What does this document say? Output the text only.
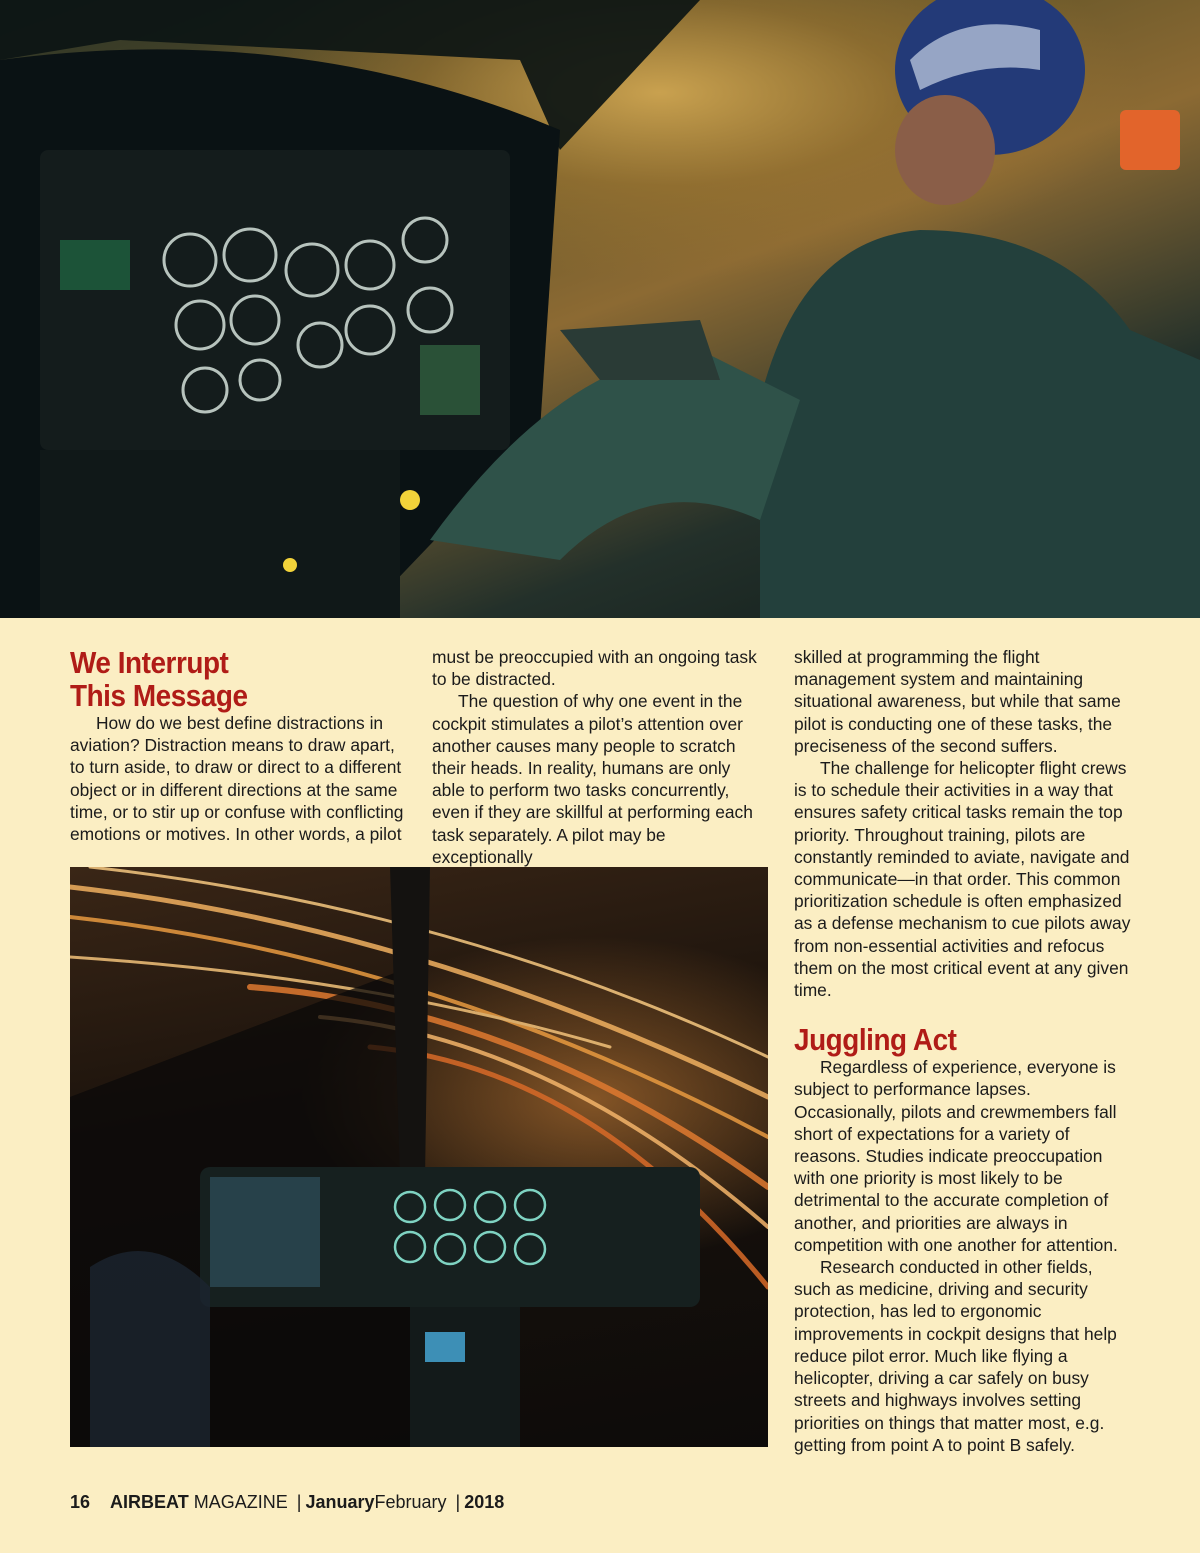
We Interrupt
This Message

How do we best define distractions in aviation? Distraction means to draw apart, to turn aside, to draw or direct to a different object or in different directions at the same time, or to stir up or confuse with conflicting emotions or motives. In other words, a pilot

must be preoccupied with an ongoing task to be distracted.

The question of why one event in the cockpit stimulates a pilot’s attention over another causes many people to scratch their heads. In reality, humans are only able to perform two tasks concurrently, even if they are skillful at performing each task separately. A pilot may be exceptionally

skilled at programming the flight management system and maintaining situational awareness, but while that same pilot is conducting one of these tasks, the preciseness of the second suffers.

The challenge for helicopter flight crews is to schedule their activities in a way that ensures safety critical tasks remain the top priority. Throughout training, pilots are constantly reminded to aviate, navigate and communicate—in that order. This common prioritization schedule is often emphasized as a defense mechanism to cue pilots away from non-essential activities and refocus them on the most critical event at any given time.

Juggling Act

Regardless of experience, everyone is subject to performance lapses. Occasionally, pilots and crewmembers fall short of expectations for a variety of reasons. Studies indicate preoccupation with one priority is most likely to be detrimental to the accurate completion of another, and priorities are always in competition with one another for attention.

Research conducted in other fields, such as medicine, driving and security protection, has led to ergonomic improvements in cockpit designs that help reduce pilot error. Much like flying a helicopter, driving a car safely on busy streets and highways involves setting priorities on things that matter most, e.g. getting from point A to point B safely.

16 AIRBEAT MAGAZINE | JanuaryFebruary | 2018
